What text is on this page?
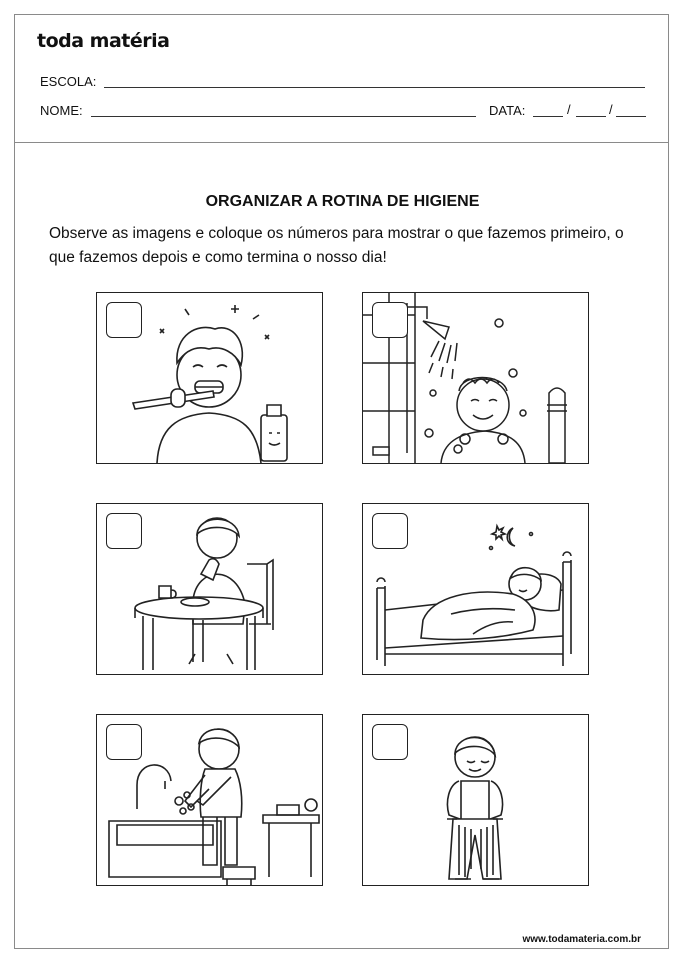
toda matéria
ESCOLA:
NOME:	DATA:	/	/
ORGANIZAR A ROTINA DE HIGIENE
Observe as imagens e coloque os números para mostrar o que fazemos primeiro, o que fazemos depois e como termina o nosso dia!
www.todamateria.com.br
